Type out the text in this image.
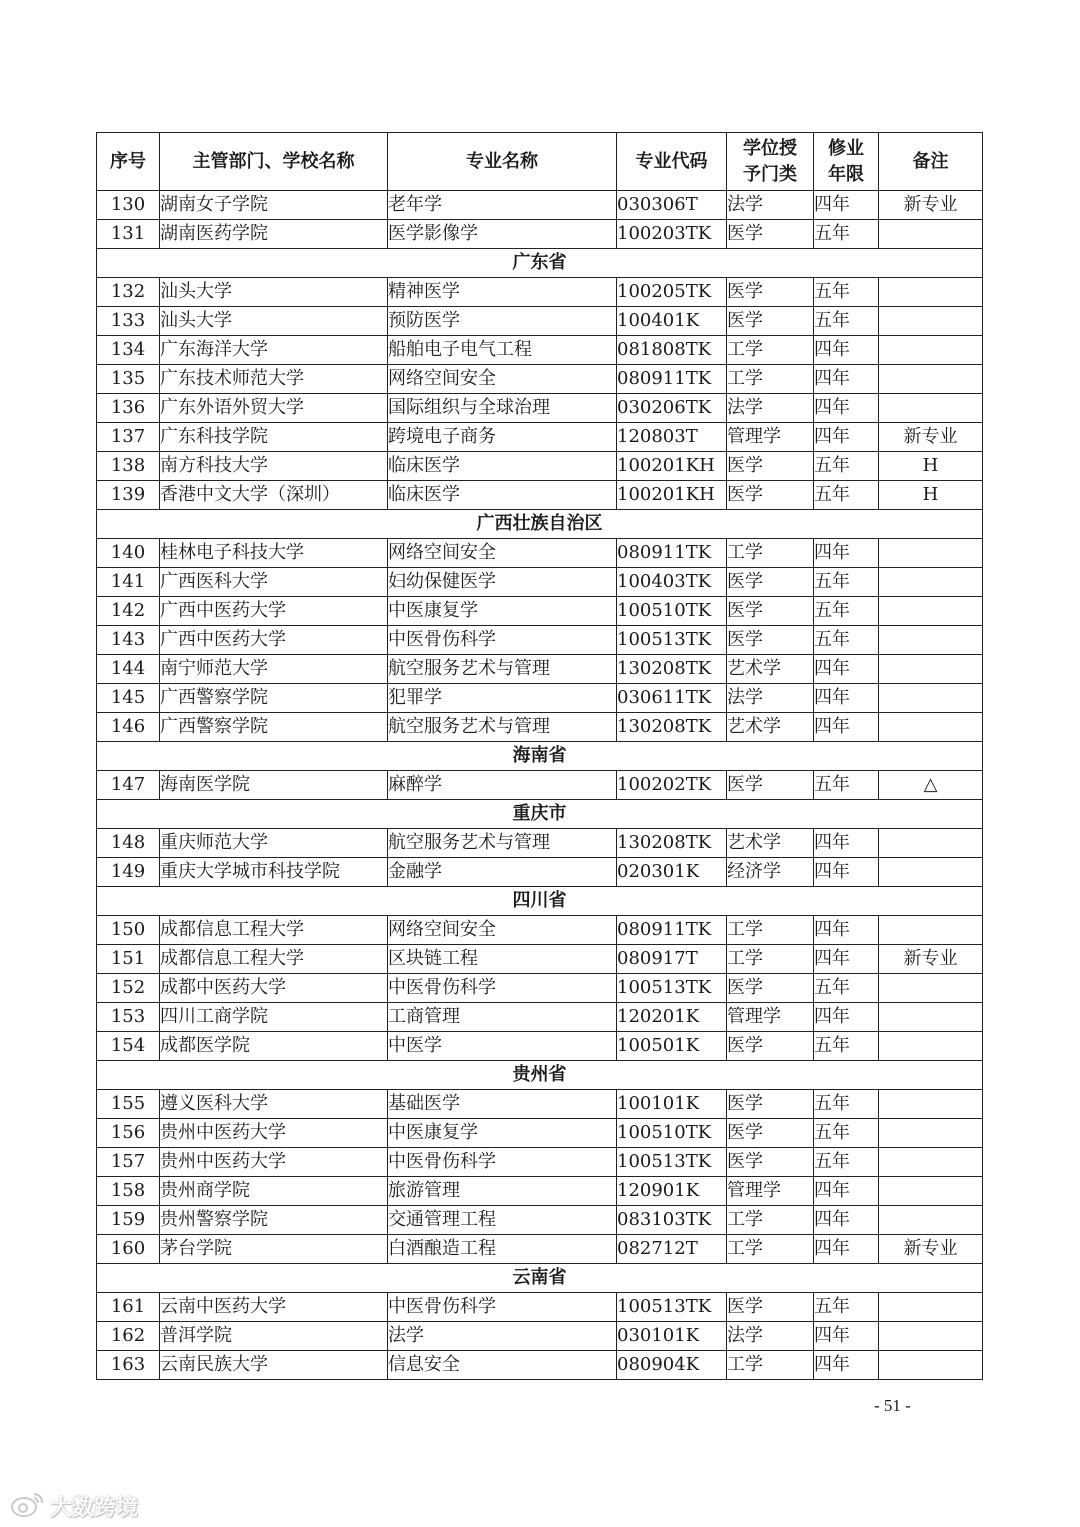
序号	主管部门、学校名称	专业名称	专业代码	学位授予门类	修业年限	备注
130	湖南女子学院	老年学	030306T	法学	四年	新专业
131	湖南医药学院	医学影像学	100203TK	医学	五年	
广东省						
132	汕头大学	精神医学	100205TK	医学	五年	
133	汕头大学	预防医学	100401K	医学	五年	
134	广东海洋大学	船舶电子电气工程	081808TK	工学	四年	
135	广东技术师范大学	网络空间安全	080911TK	工学	四年	
136	广东外语外贸大学	国际组织与全球治理	030206TK	法学	四年	
137	广东科技学院	跨境电子商务	120803T	管理学	四年	新专业
138	南方科技大学	临床医学	100201KH	医学	五年	H
139	香港中文大学（深圳）	临床医学	100201KH	医学	五年	H
广西壮族自治区						
140	桂林电子科技大学	网络空间安全	080911TK	工学	四年	
141	广西医科大学	妇幼保健医学	100403TK	医学	五年	
142	广西中医药大学	中医康复学	100510TK	医学	五年	
143	广西中医药大学	中医骨伤科学	100513TK	医学	五年	
144	南宁师范大学	航空服务艺术与管理	130208TK	艺术学	四年	
145	广西警察学院	犯罪学	030611TK	法学	四年	
146	广西警察学院	航空服务艺术与管理	130208TK	艺术学	四年	
海南省						
147	海南医学院	麻醉学	100202TK	医学	五年	△
重庆市						
148	重庆师范大学	航空服务艺术与管理	130208TK	艺术学	四年	
149	重庆大学城市科技学院	金融学	020301K	经济学	四年	
四川省						
150	成都信息工程大学	网络空间安全	080911TK	工学	四年	
151	成都信息工程大学	区块链工程	080917T	工学	四年	新专业
152	成都中医药大学	中医骨伤科学	100513TK	医学	五年	
153	四川工商学院	工商管理	120201K	管理学	四年	
154	成都医学院	中医学	100501K	医学	五年	
贵州省						
155	遵义医科大学	基础医学	100101K	医学	五年	
156	贵州中医药大学	中医康复学	100510TK	医学	五年	
157	贵州中医药大学	中医骨伤科学	100513TK	医学	五年	
158	贵州商学院	旅游管理	120901K	管理学	四年	
159	贵州警察学院	交通管理工程	083103TK	工学	四年	
160	茅台学院	白酒酿造工程	082712T	工学	四年	新专业
云南省						
161	云南中医药大学	中医骨伤科学	100513TK	医学	五年	
162	普洱学院	法学	030101K	法学	四年	
163	云南民族大学	信息安全	080904K	工学	四年	
- 51 -
大数跨境
